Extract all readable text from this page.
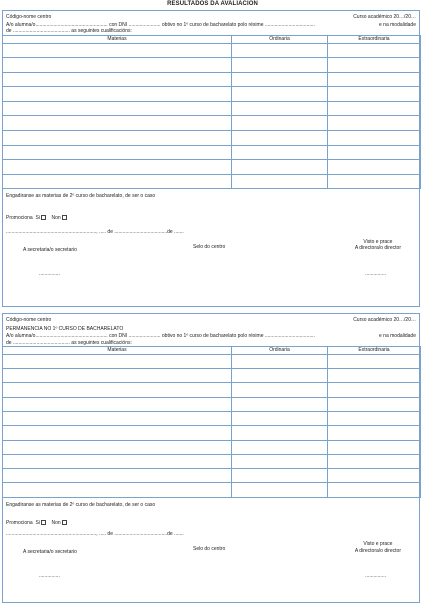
RESULTADOS DA AVALIACIÓN
Código-nome centro	Curso académico 20…/20…
A/o alumna/o.................................................... con DNI ....................... obtivo no 1º curso de bacharelato polo réxime ....................................	e na modalidade
de ......................................... as seguintes cualificacións:
Materias	Ordinaria	Extraordinaria

Engadiranse as materias de 2º curso de bacharelato, de ser o caso
Promociona Si Non
................................................................., ..... de ......................................de .......
A secretaria/o secretario	Selo do centro
Visto e prace
A directora/o director
...............	...............
Código-nome centro	Curso académico 20…/20…
PERMANENCIA NO 1º CURSO DE BACHARELATO
A/o alumna/o.................................................... con DNI ....................... obtivo no 1º curso de bacharelato polo réxime ....................................	e na modalidade
de ......................................... as seguintes cualificacións:
Materias	Ordinaria	Extraordinaria

Engadiranse as materias de 2º curso de bacharelato, de ser o caso
Promociona Si Non
................................................................., ..... de ......................................de .......
A secretaria/o secretario	Selo do centro
Visto e prace
A directora/o director
...............	...............
